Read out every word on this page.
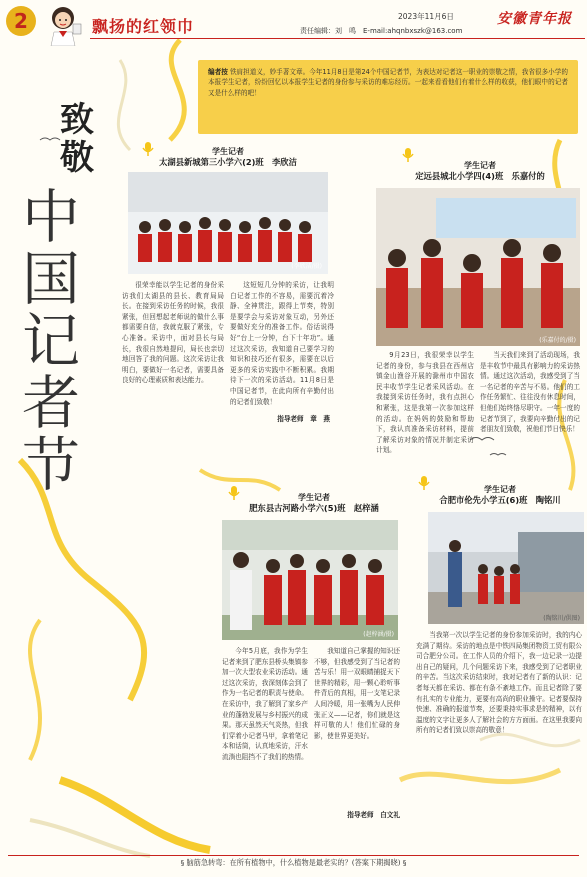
2	飘扬的红领巾
2023年11月6日
责任编辑：刘　鸣　E-mail:ahqnbxszk@163.com
安徽青年报
编者按 铁肩担道义，妙手著文章。今年11月8日是第24个中国记者节，为表达对记者这一职业的崇敬之情，我省很多小学的本报学生记者，纷纷回忆以本报学生记者的身份参与采访的难忘经历。一起来看看他们有着什么样的收获，他们眼中的记者又是什么样的吧！
致
敬
中
国
记
者
节
学生记者
太湖县新城第三小学六(2)班　李欣洁
(李欣洁/摄)

很荣幸能以学生记者的身份采访我们太湖县的县长、教育局局长。在接到采访任务的时候，我很紧张，但回想起老师说的做什么事都需要自信，我就克服了紧张，专心准备。采访中，面对县长与局长，我很自然地提问，局长也亲切地回答了我的问题。这次采访让我明白，要做好一名记者，需要具备良好的心理素质和表达能力。

这短短几分钟的采访，让我明白记者工作的不容易，需要沉着冷静、全神贯注，跟得上节奏，特别是要学会与采访对象互动，另外还要做好充分的准备工作。俗话说得好“台上一分钟，台下十年功”。通过这次采访，我知道自己要学习的知识和技巧还有很多，需要在以后更多的采访实践中不断积累。我期待下一次的采访活动。11月8日是中国记者节，在此向所有辛勤付出的记者们致敬！

指导老师　章　燕
学生记者
定远县城北小学四(4)班　乐嘉付的
(乐嘉付的/摄)

9月23日，我很荣幸以学生记者的身份，参与我县在西州店镇金山渔谷开展的滁州市中国农民丰收节学生记者采风活动。在我接到采访任务时，我有点担心和紧张，这是我第一次参加这样的活动。在妈妈的鼓励和帮助下，我认真准备采访材料，提前了解采访对象的情况并制定采访计划。

当天我们来到了活动现场，我是丰收节中最具有影响力的采访热情。通过这次活动，我感受到了当一名记者的辛苦与不易。他们的工作任务繁忙、往往没有休息时间，但他们始终恪尽职守。一年一度的记者节到了，我要向辛勤付出的记者朋友们致敬，祝他们节日快乐！

学生记者
肥东县古河路小学六(5)班　赵梓涵
(赵梓涵/摄)

今年5月底，我作为学生记者来到了肥东县桥头集镇参加一次大型农业采访活动。通过这次采访，我深刻体会到了作为一名记者的职责与使命。在采访中，我了解到了家乡产业的蓬勃发展与乡村振兴的成果。那天虽然天气炎热，但我们穿着小记者马甲，拿着笔记本和话筒，认真地采访，汗水流淌也阻挡不了我们的热情。

我知道自己掌握的知识还不够，但我感受到了当记者的苦与乐！用一双眼睛捕捉天下世界的精彩，用一颗心聆听事件背后的真相，用一支笔记录人间冷暖，用一张嘴为人民伸张正义——记者，你们就是这样可敬的人！他们忙碌的身影，使世界更美好。

指导老师　白文礼
学生记者
合肥市伦先小学五(6)班　陶铭川
(陶铭川/供图)

当我第一次以学生记者的身份参加采访时，我的内心充满了期待。采访的地点是中铁四局集团物资工贸有限公司合肥分公司。在工作人员的介绍下，我一边记录一边提出自己的疑问，几个问题采访下来，我感受到了记者职业的辛苦。当这次采访结束时，我对记者有了新的认识：记者每天都在采访、都在有条不紊地工作。而且记者除了要有扎实的专业能力，更要有高尚的职业操守。记者要保持快速、准确的报道节奏，还要秉持实事求是的精神，以有温度的文字让更多人了解社会的方方面面。在这里我要向所有的记者们致以崇高的敬意！

§ 脑筋急转弯：在所有植物中，什么植物是最老实的？(答案下期揭晓) §
